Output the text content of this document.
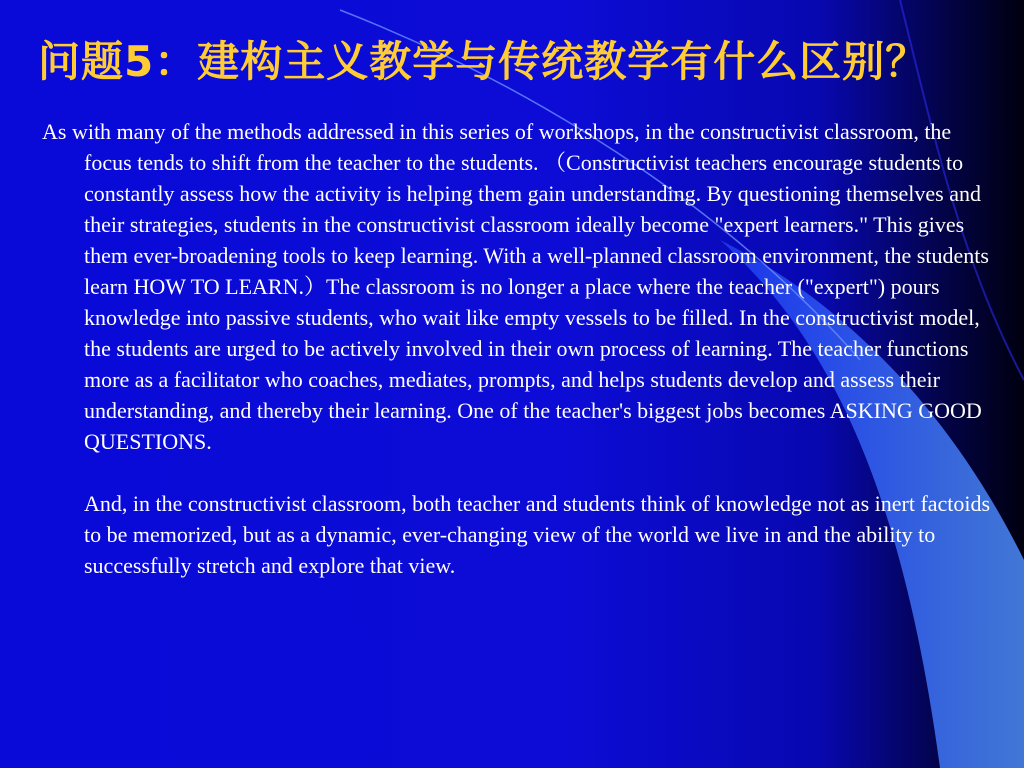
问题5：建构主义教学与传统教学有什么区别？

As with many of the methods addressed in this series of workshops, in the constructivist classroom, the focus tends to shift from the teacher to the students. （Constructivist teachers encourage students to constantly assess how the activity is helping them gain understanding. By questioning themselves and their strategies, students in the constructivist classroom ideally become "expert learners." This gives them ever-broadening tools to keep learning. With a well-planned classroom environment, the students learn HOW TO LEARN.）The classroom is no longer a place where the teacher ("expert") pours knowledge into passive students, who wait like empty vessels to be filled. In the constructivist model, the students are urged to be actively involved in their own process of learning. The teacher functions more as a facilitator who coaches, mediates, prompts, and helps students develop and assess their understanding, and thereby their learning. One of the teacher's biggest jobs becomes ASKING GOOD QUESTIONS.

And, in the constructivist classroom, both teacher and students think of knowledge not as inert factoids to be memorized, but as a dynamic, ever-changing view of the world we live in and the ability to successfully stretch and explore that view.
